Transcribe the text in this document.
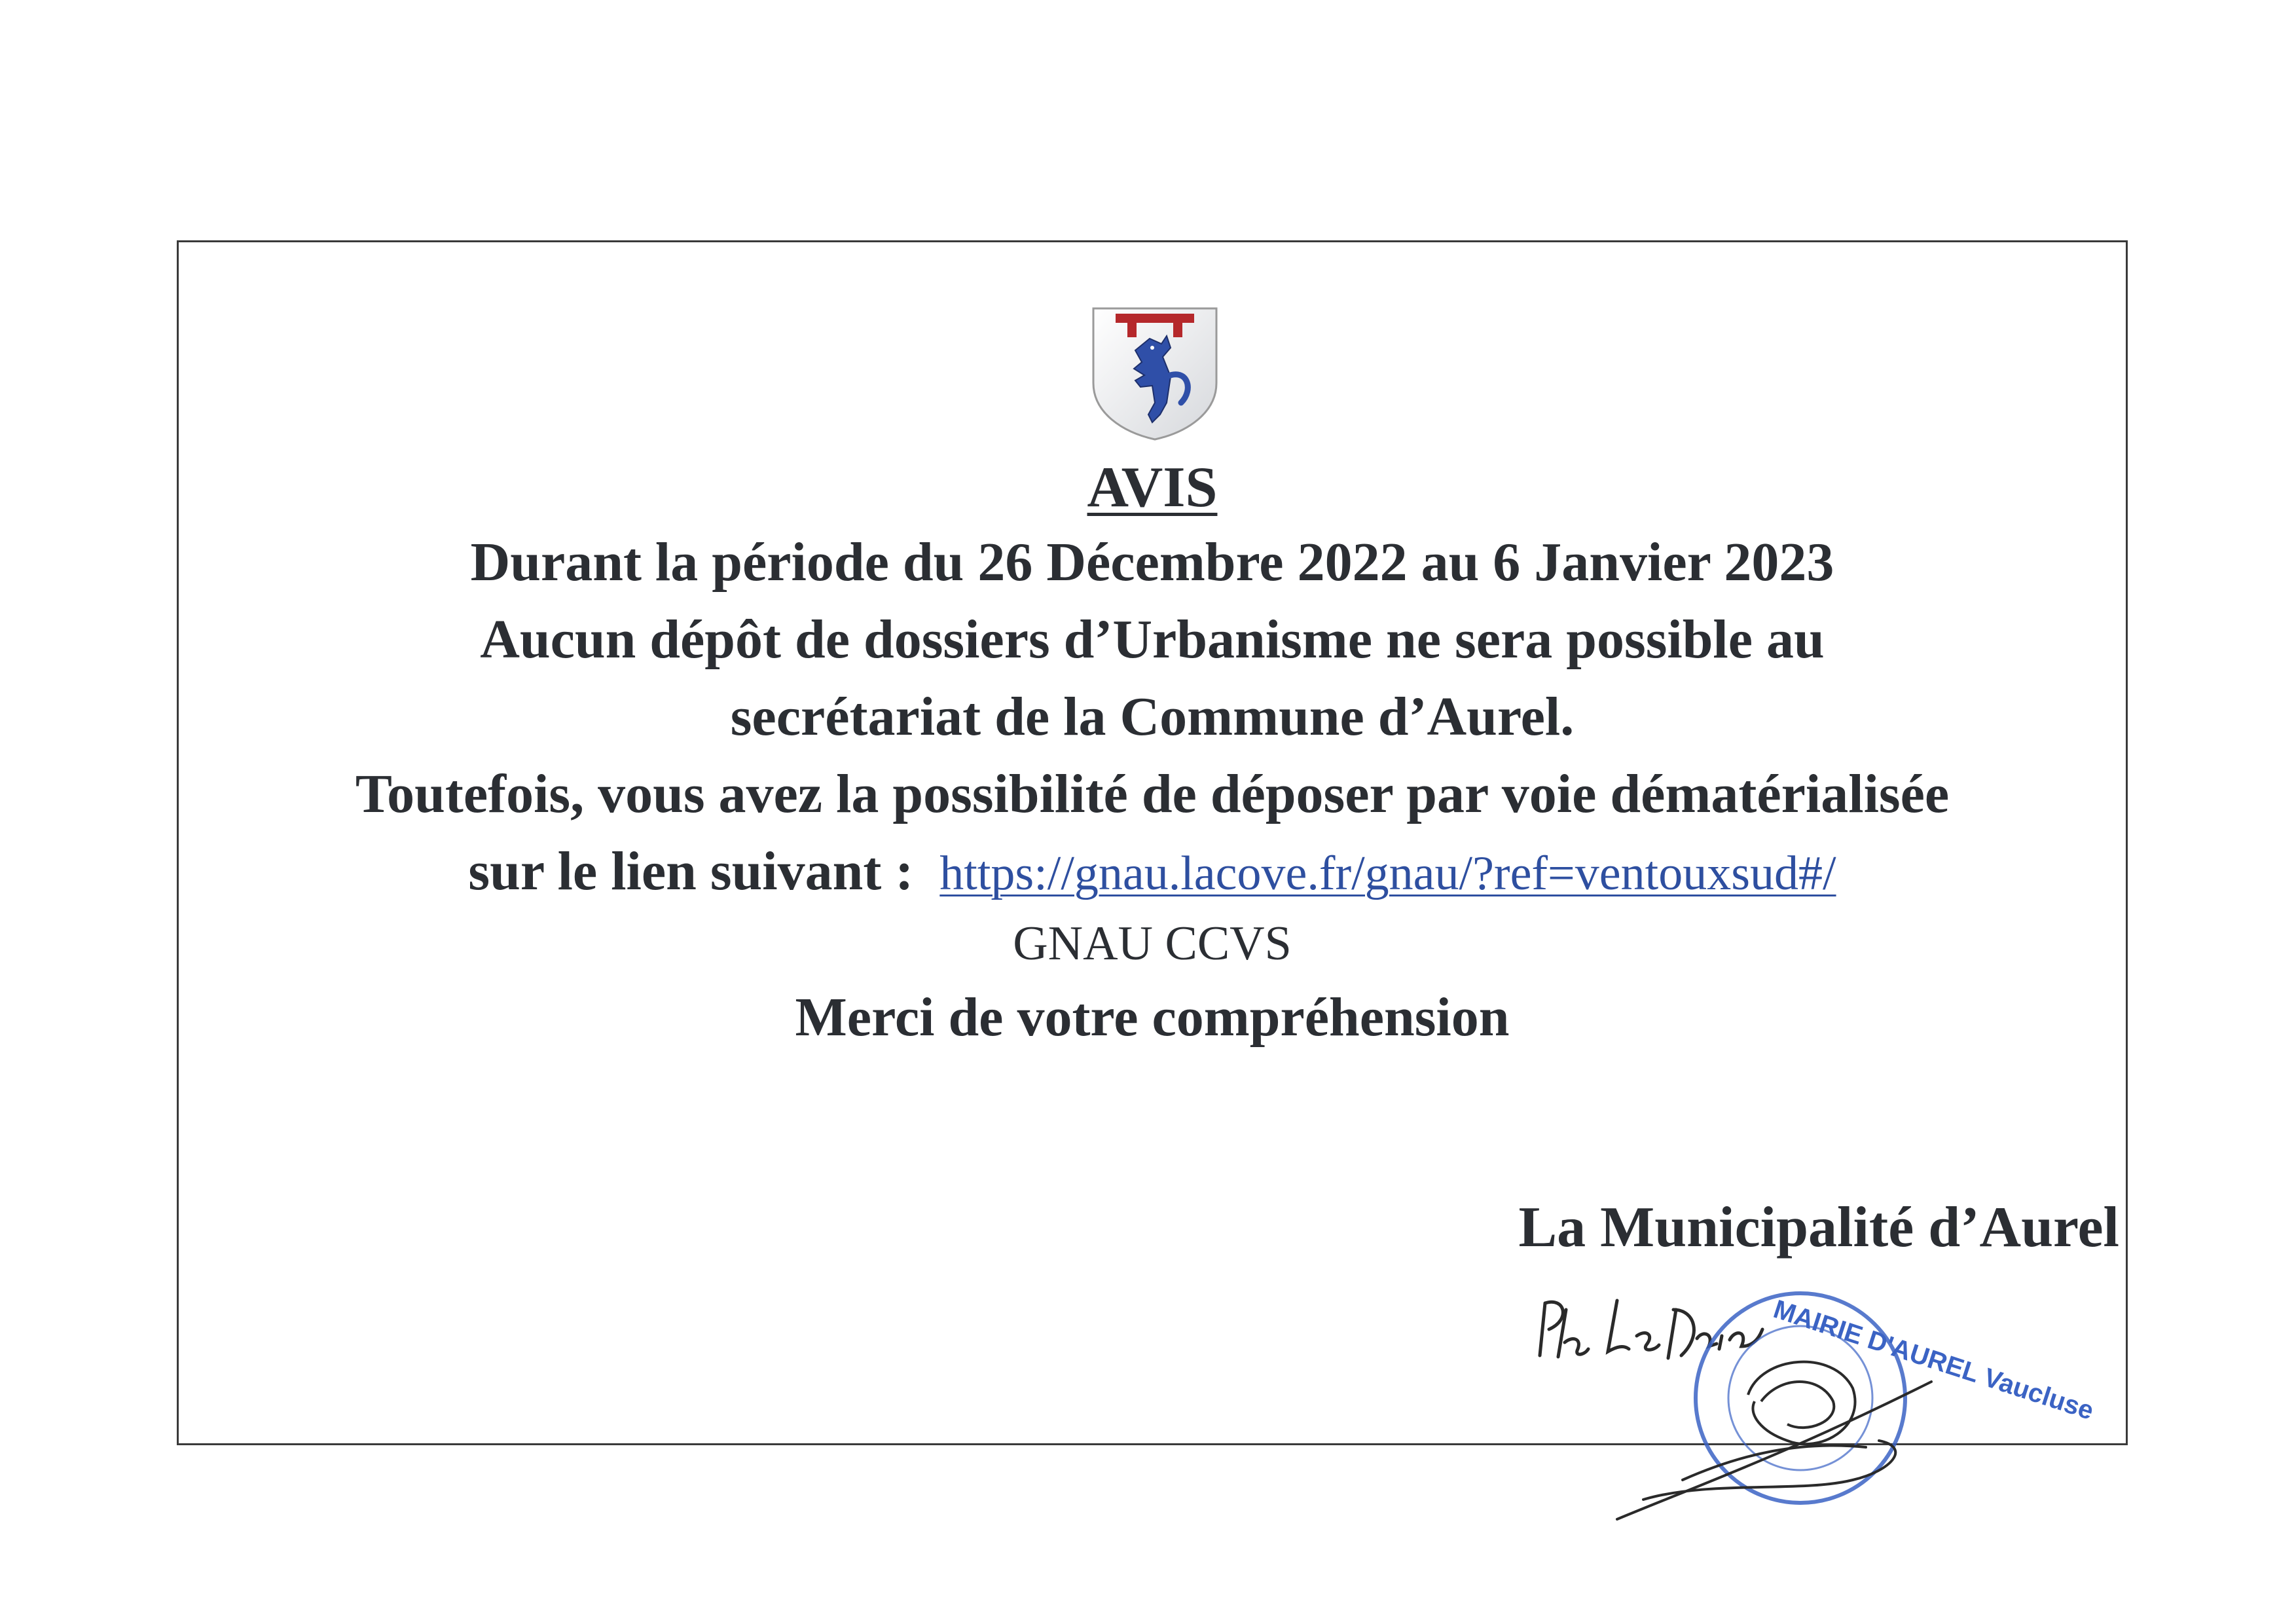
AVIS
Durant la période du 26 Décembre 2022 au 6 Janvier 2023
Aucun dépôt de dossiers d’Urbanisme ne sera possible au
secrétariat de la Commune d’Aurel.
Toutefois, vous avez la possibilité de déposer par voie dématérialisée
sur le lien suivant : https://gnau.lacove.fr/gnau/?ref=ventouxsud#/
GNAU CCVS
Merci de votre compréhension
La Municipalité d’Aurel
MAIRIE D'AUREL Vaucluse
